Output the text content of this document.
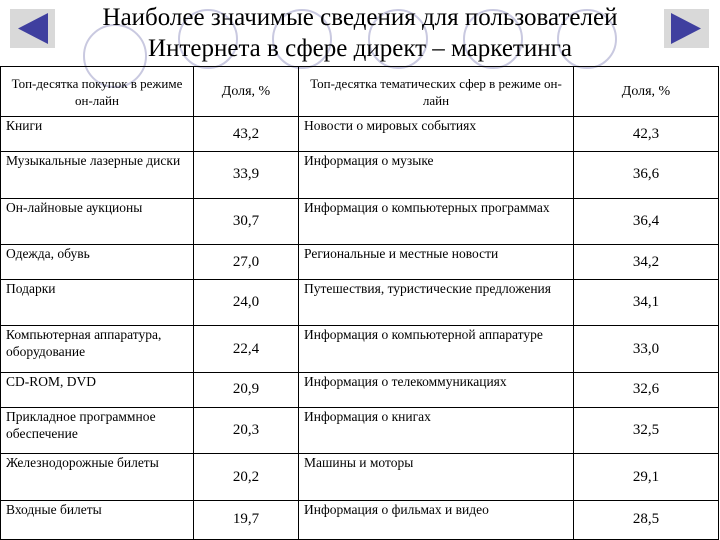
Наиболее значимые сведения для пользователей
Интернета в сфере директ – маркетинга
Топ-десятка покупок в режиме он-лайн	Доля, %	Топ-десятка тематических сфер в режиме он-лайн	Доля, %
Книги	43,2	Новости о мировых событиях	42,3
Музыкальные лазерные диски	33,9	Информация о музыке	36,6
Он-лайновые аукционы	30,7	Информация о компьютерных программах	36,4
Одежда, обувь	27,0	Региональные и местные новости	34,2
Подарки	24,0	Путешествия, туристические предложения	34,1
Компьютерная аппаратура, оборудование	22,4	Информация о компьютерной аппаратуре	33,0
CD-ROM, DVD	20,9	Информация о телекоммуникациях	32,6
Прикладное программное обеспечение	20,3	Информация о книгах	32,5
Железнодорожные билеты	20,2	Машины и моторы	29,1
Входные билеты	19,7	Информация о фильмах и видео	28,5
